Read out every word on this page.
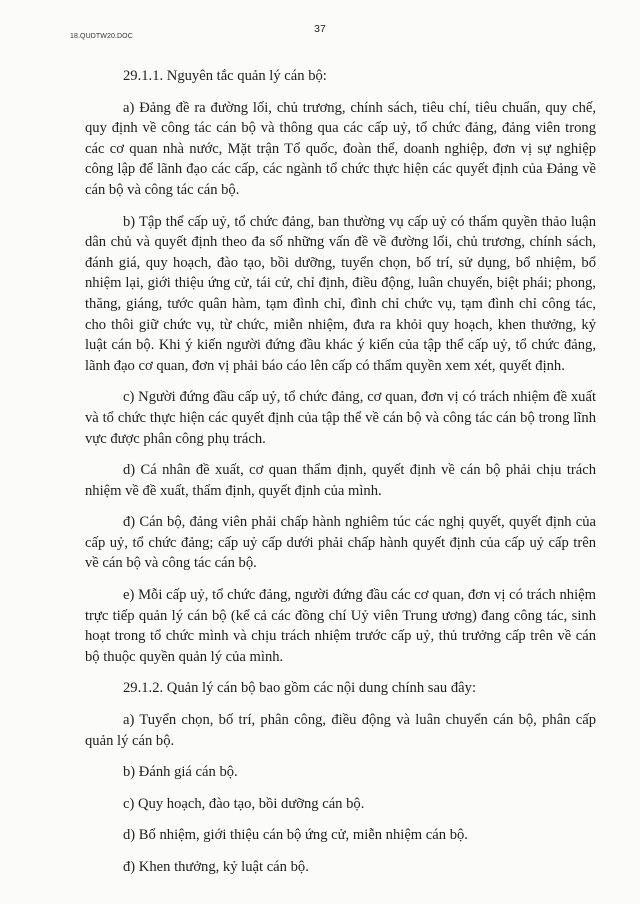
18.QUDTW20.DOC
37

29.1.1. Nguyên tắc quản lý cán bộ:

a) Đảng đề ra đường lối, chủ trương, chính sách, tiêu chí, tiêu chuẩn, quy chế, quy định về công tác cán bộ và thông qua các cấp uỷ, tổ chức đảng, đảng viên trong các cơ quan nhà nước, Mặt trận Tổ quốc, đoàn thể, doanh nghiệp, đơn vị sự nghiệp công lập để lãnh đạo các cấp, các ngành tổ chức thực hiện các quyết định của Đảng về cán bộ và công tác cán bộ.

b) Tập thể cấp uỷ, tổ chức đảng, ban thường vụ cấp uỷ có thẩm quyền thảo luận dân chủ và quyết định theo đa số những vấn đề về đường lối, chủ trương, chính sách, đánh giá, quy hoạch, đào tạo, bồi dưỡng, tuyển chọn, bố trí, sử dụng, bổ nhiệm, bổ nhiệm lại, giới thiệu ứng cử, tái cử, chỉ định, điều động, luân chuyển, biệt phái; phong, thăng, giáng, tước quân hàm, tạm đình chỉ, đình chỉ chức vụ, tạm đình chỉ công tác, cho thôi giữ chức vụ, từ chức, miễn nhiệm, đưa ra khỏi quy hoạch, khen thưởng, kỷ luật cán bộ. Khi ý kiến người đứng đầu khác ý kiến của tập thể cấp uỷ, tổ chức đảng, lãnh đạo cơ quan, đơn vị phải báo cáo lên cấp có thẩm quyền xem xét, quyết định.

c) Người đứng đầu cấp uỷ, tổ chức đảng, cơ quan, đơn vị có trách nhiệm đề xuất và tổ chức thực hiện các quyết định của tập thể về cán bộ và công tác cán bộ trong lĩnh vực được phân công phụ trách.

d) Cá nhân đề xuất, cơ quan thẩm định, quyết định về cán bộ phải chịu trách nhiệm về đề xuất, thẩm định, quyết định của mình.

đ) Cán bộ, đảng viên phải chấp hành nghiêm túc các nghị quyết, quyết định của cấp uỷ, tổ chức đảng; cấp uỷ cấp dưới phải chấp hành quyết định của cấp uỷ cấp trên về cán bộ và công tác cán bộ.

e) Mỗi cấp uỷ, tổ chức đảng, người đứng đầu các cơ quan, đơn vị có trách nhiệm trực tiếp quản lý cán bộ (kể cả các đồng chí Uỷ viên Trung ương) đang công tác, sinh hoạt trong tổ chức mình và chịu trách nhiệm trước cấp uỷ, thủ trưởng cấp trên về cán bộ thuộc quyền quản lý của mình.

29.1.2. Quản lý cán bộ bao gồm các nội dung chính sau đây:

a) Tuyển chọn, bố trí, phân công, điều động và luân chuyển cán bộ, phân cấp quản lý cán bộ.

b) Đánh giá cán bộ.

c) Quy hoạch, đào tạo, bồi dưỡng cán bộ.

d) Bổ nhiệm, giới thiệu cán bộ ứng cử, miễn nhiệm cán bộ.

đ) Khen thưởng, kỷ luật cán bộ.
